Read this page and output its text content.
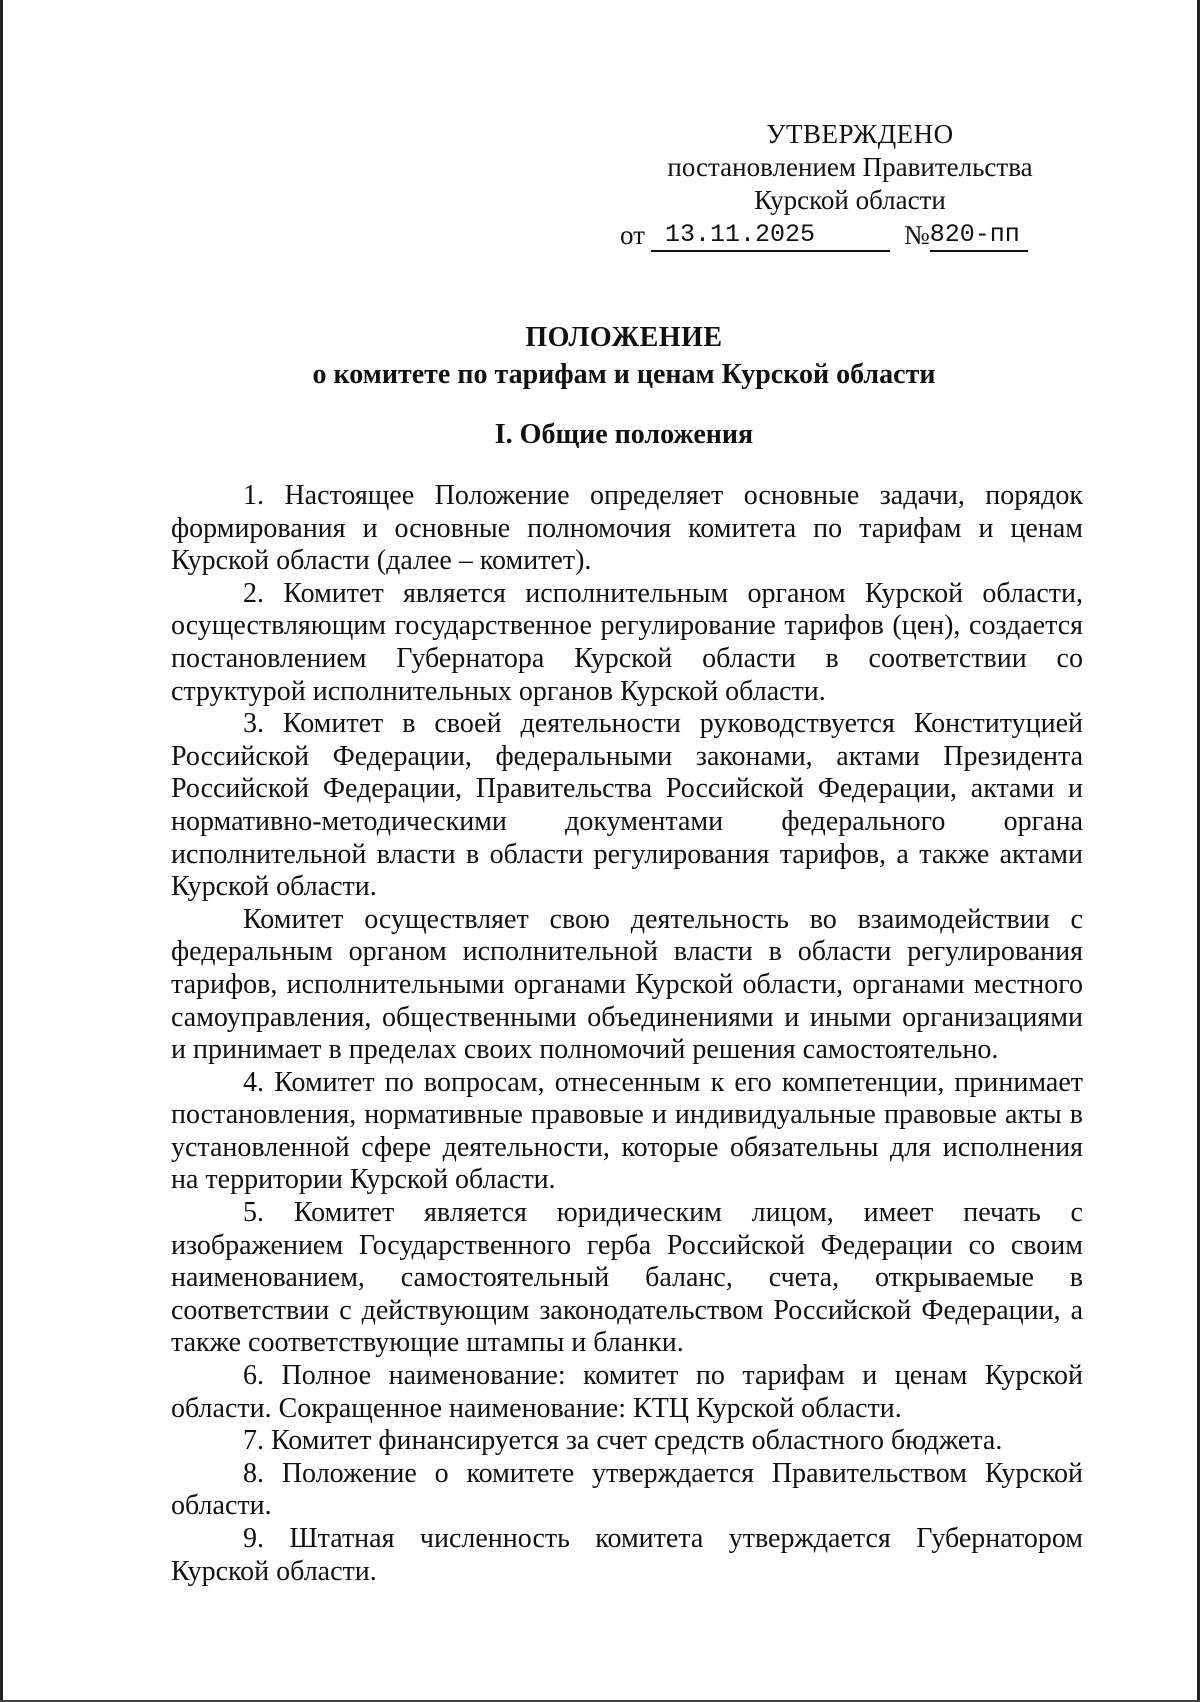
УТВЕРЖДЕНО
постановлением Правительства
Курской области
от 13.11.2025	№ 820-пп
ПОЛОЖЕНИЕ
о комитете по тарифам и ценам Курской области
I. Общие положения

1. Настоящее Положение определяет основные задачи, порядок формирования и основные полномочия комитета по тарифам и ценам Курской области (далее – комитет).

2. Комитет является исполнительным органом Курской области, осуществляющим государственное регулирование тарифов (цен), создается постановлением Губернатора Курской области в соответствии со структурой исполнительных органов Курской области.

3. Комитет в своей деятельности руководствуется Конституцией Российской Федерации, федеральными законами, актами Президента Российской Федерации, Правительства Российской Федерации, актами и нормативно-методическими документами федерального органа исполнительной власти в области регулирования тарифов, а также актами Курской области.

Комитет осуществляет свою деятельность во взаимодействии с федеральным органом исполнительной власти в области регулирования тарифов, исполнительными органами Курской области, органами местного самоуправления, общественными объединениями и иными организациями и принимает в пределах своих полномочий решения самостоятельно.

4. Комитет по вопросам, отнесенным к его компетенции, принимает постановления, нормативные правовые и индивидуальные правовые акты в установленной сфере деятельности, которые обязательны для исполнения на территории Курской области.

5. Комитет является юридическим лицом, имеет печать с изображением Государственного герба Российской Федерации со своим наименованием, самостоятельный баланс, счета, открываемые в соответствии с действующим законодательством Российской Федерации, а также соответствующие штампы и бланки.

6. Полное наименование: комитет по тарифам и ценам Курской области. Сокращенное наименование: КТЦ Курской области.

7. Комитет финансируется за счет средств областного бюджета.

8. Положение о комитете утверждается Правительством Курской области.

9. Штатная численность комитета утверждается Губернатором Курской области.
